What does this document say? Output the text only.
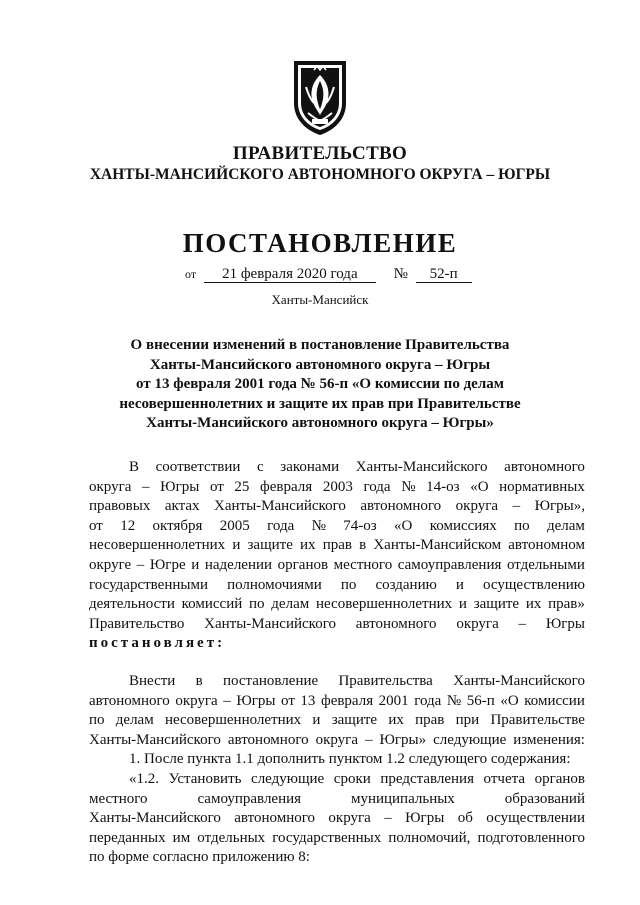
ПРАВИТЕЛЬСТВО
ХАНТЫ-МАНСИЙСКОГО АВТОНОМНОГО ОКРУГА – ЮГРЫ
ПОСТАНОВЛЕНИЕ
от 21 февраля 2020 года № 52-п
Ханты-Мансийск
О внесении изменений в постановление Правительства
Ханты-Мансийского автономного округа – Югры
от 13 февраля 2001 года № 56-п «О комиссии по делам
несовершеннолетних и защите их прав при Правительстве
Ханты-Мансийского автономного округа – Югры»
В соответствии с законами Ханты-Мансийского автономного
округа – Югры от 25 февраля 2003 года № 14-оз «О нормативных
правовых актах Ханты-Мансийского автономного округа – Югры»,
от 12 октября 2005 года № 74-оз «О комиссиях по делам
несовершеннолетних и защите их прав в Ханты-Мансийском автономном
округе – Югре и наделении органов местного самоуправления отдельными
государственными полномочиями по созданию и осуществлению
деятельности комиссий по делам несовершеннолетних и защите их прав»
Правительство Ханты-Мансийского автономного округа – Югры
постановляет:
Внести в постановление Правительства Ханты-Мансийского
автономного округа – Югры от 13 февраля 2001 года № 56-п «О комиссии
по делам несовершеннолетних и защите их прав при Правительстве
Ханты-Мансийского автономного округа – Югры» следующие изменения:
1. После пункта 1.1 дополнить пунктом 1.2 следующего содержания:
«1.2. Установить следующие сроки представления отчета органов
местного	самоуправления	муниципальных	образований
Ханты-Мансийского автономного округа – Югры об осуществлении
переданных им отдельных государственных полномочий, подготовленного
по форме согласно приложению 8:
